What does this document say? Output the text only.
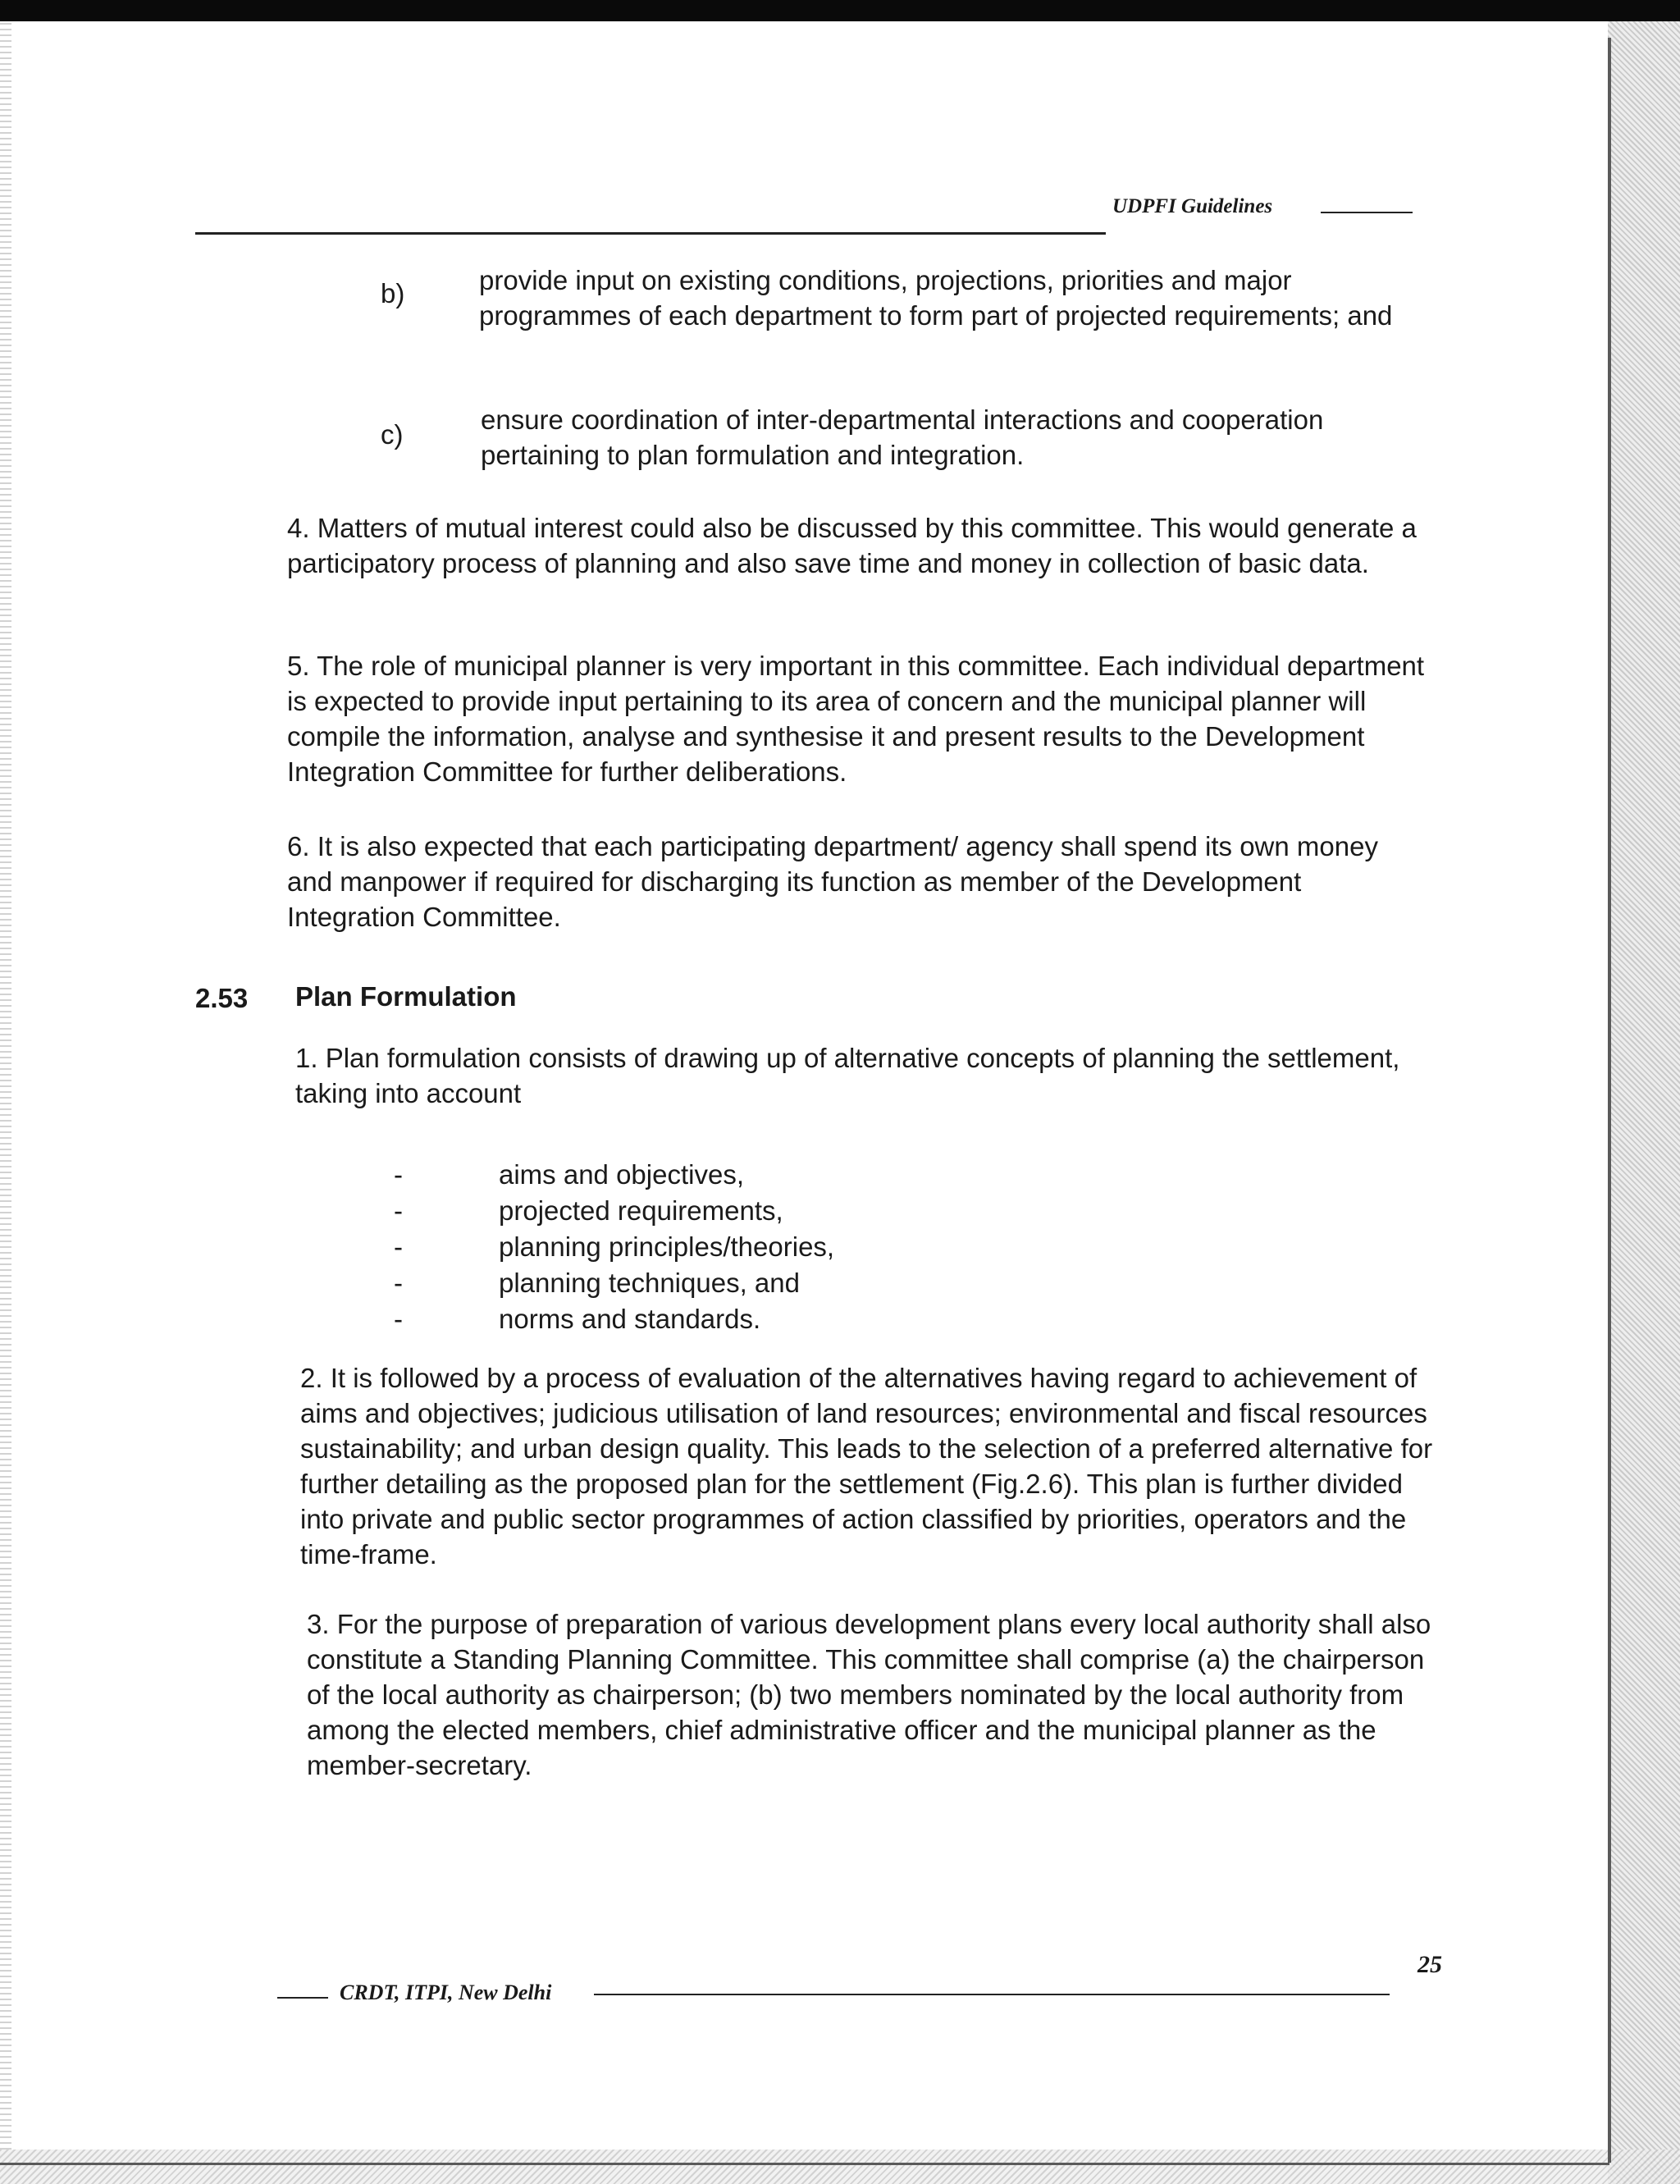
UDPFI Guidelines
b)	provide input on existing conditions, projections, priorities and major programmes of each department to form part of projected requirements; and

c)	ensure coordination of inter-departmental interactions and cooperation pertaining to plan formulation and integration.

4. Matters of mutual interest could also be discussed by this committee. This would generate a participatory process of planning and also save time and money in collection of basic data.

5. The role of municipal planner is very important in this committee. Each individual department is expected to provide input pertaining to its area of concern and the municipal planner will compile the information, analyse and synthesise it and present results to the Development Integration Committee for further deliberations.

6. It is also expected that each participating department/ agency shall spend its own money and manpower if required for discharging its function as member of the Development Integration Committee.

2.53 Plan Formulation

1. Plan formulation consists of drawing up of alternative concepts of planning the settlement, taking into account

-	aims and objectives,
-	projected requirements,
-	planning principles/theories,
-	planning techniques, and
-	norms and standards.

2. It is followed by a process of evaluation of the alternatives having regard to achievement of aims and objectives; judicious utilisation of land resources; environmental and fiscal resources sustainability; and urban design quality. This leads to the selection of a preferred alternative for further detailing as the proposed plan for the settlement (Fig.2.6). This plan is further divided into private and public sector programmes of action classified by priorities, operators and the time-frame.

3. For the purpose of preparation of various development plans every local authority shall also constitute a Standing Planning Committee. This committee shall comprise (a) the chairperson of the local authority as chairperson; (b) two members nominated by the local authority from among the elected members, chief administrative officer and the municipal planner as the member-secretary.

CRDT, ITPI, New Delhi
25
